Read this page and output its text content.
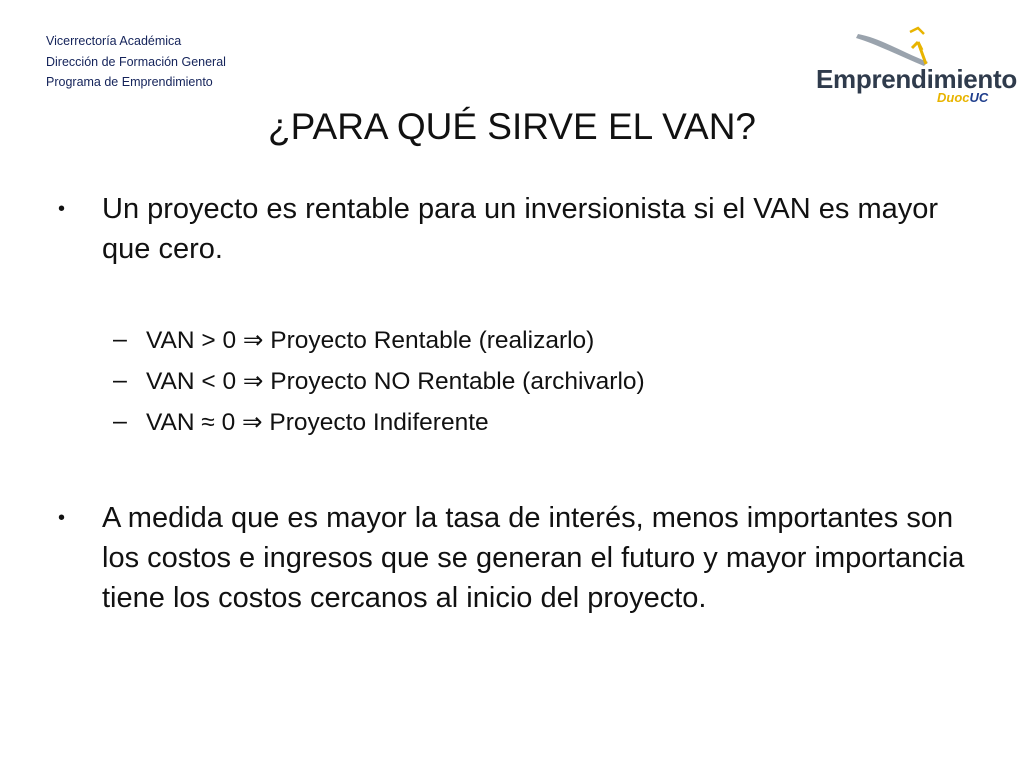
Vicerrectoría Académica
Dirección de Formación General
Programa de Emprendimiento	Emprendimiento
DuocUC
¿PARA QUÉ SIRVE EL VAN?
• Un proyecto es rentable para un inversionista si el VAN es mayor que cero.
– VAN > 0 ⇒ Proyecto Rentable (realizarlo)
– VAN < 0 ⇒ Proyecto NO Rentable (archivarlo)
– VAN ≈ 0 ⇒ Proyecto Indiferente
• A medida que es mayor la tasa de interés, menos importantes son los costos e ingresos que se generan el futuro y mayor importancia tiene los costos cercanos al inicio del proyecto.
